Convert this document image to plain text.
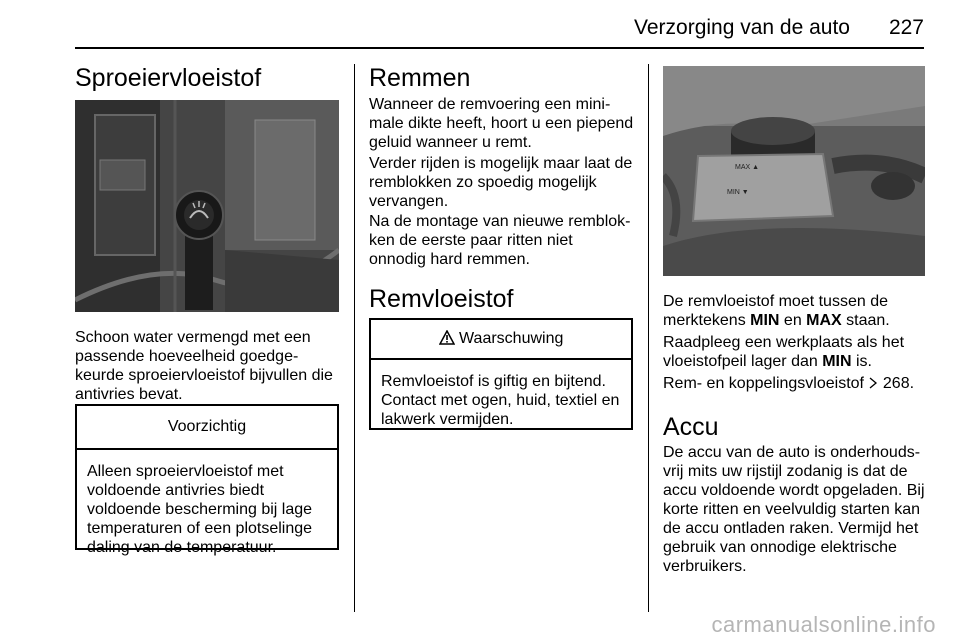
Verzorging van de auto 227
Sproeiervloeistof

Schoon water vermengd met een passende hoeveelheid goedge-keurde sproeiervloeistof bijvullen die antivries bevat.

Voorzichtig
Alleen sproeiervloeistof met voldoende antivries biedt voldoende bescherming bij lage temperaturen of een plotselinge daling van de temperatuur.
Remmen

Wanneer de remvoering een mini-male dikte heeft, hoort u een piepend geluid wanneer u remt.

Verder rijden is mogelijk maar laat de remblokken zo spoedig mogelijk vervangen.

Na de montage van nieuwe remblok-ken de eerste paar ritten niet onnodig hard remmen.

Remvloeistof
Waarschuwing
Remvloeistof is giftig en bijtend. Contact met ogen, huid, textiel en lakwerk vermijden.
MAX ▲
MIN ▼

De remvloeistof moet tussen de merktekens MIN en MAX staan.

Raadpleeg een werkplaats als het vloeistofpeil lager dan MIN is.

Rem- en koppelingsvloeistof  268.

Accu

De accu van de auto is onderhouds-vrij mits uw rijstijl zodanig is dat de accu voldoende wordt opgeladen. Bij korte ritten en veelvuldig starten kan de accu ontladen raken. Vermijd het gebruik van onnodige elektrische verbruikers.

carmanualsonline.info
